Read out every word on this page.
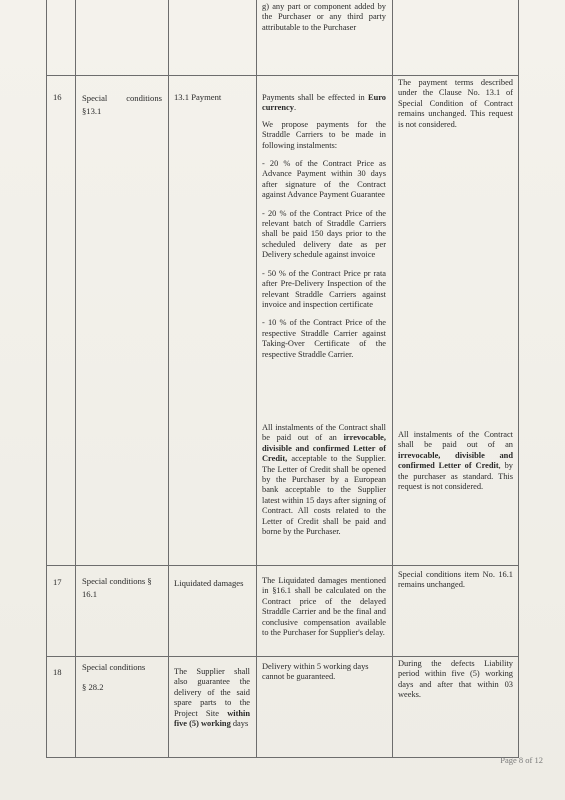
g) any part or component added by the Purchaser or any third party attributable to the Purchaser
16 Special conditions §13.1
13.1 Payment	Payments shall be effected in Euro currency.

We propose payments for the Straddle Carriers to be made in following instalments:

- 20 % of the Contract Price as Advance Payment within 30 days after signature of the Contract against Advance Payment Guarantee

- 20 % of the Contract Price of the relevant batch of Straddle Carriers shall be paid 150 days prior to the scheduled delivery date as per Delivery schedule against invoice

- 50 % of the Contract Price pr rata after Pre-Delivery Inspection of the relevant Straddle Carriers against invoice and inspection certificate

- 10 % of the Contract Price of the respective Straddle Carrier against Taking-Over Certificate of the respective Straddle Carrier.

All instalments of the Contract shall be paid out of an irrevocable, divisible and confirmed Letter of Credit, acceptable to the Supplier. The Letter of Credit shall be opened by the Purchaser by a European bank acceptable to the Supplier latest within 15 days after signing of Contract. All costs related to the Letter of Credit shall be paid and borne by the Purchaser.

The payment terms described under the Clause No. 13.1 of Special Condition of Contract remains unchanged. This request is not considered.

All instalments of the Contract shall be paid out of an irrevocable, divisible and confirmed Letter of Credit, by the purchaser as standard. This request is not considered.

17 Special conditions § 16.1
Liquidated damages	The Liquidated damages mentioned in §16.1 shall be calculated on the Contract price of the delayed Straddle Carrier and be the final and conclusive compensation available to the Purchaser for Supplier's delay.
Special conditions item No. 16.1 remains unchanged.
18 Special conditions
§ 28.2
The Supplier shall also guarantee the delivery of the said spare parts to the Project Site within five (5) working days
Delivery within 5 working days cannot be guaranteed.
During the defects Liability period within five (5) working days and after that within 03 weeks.
Page 8 of 12
